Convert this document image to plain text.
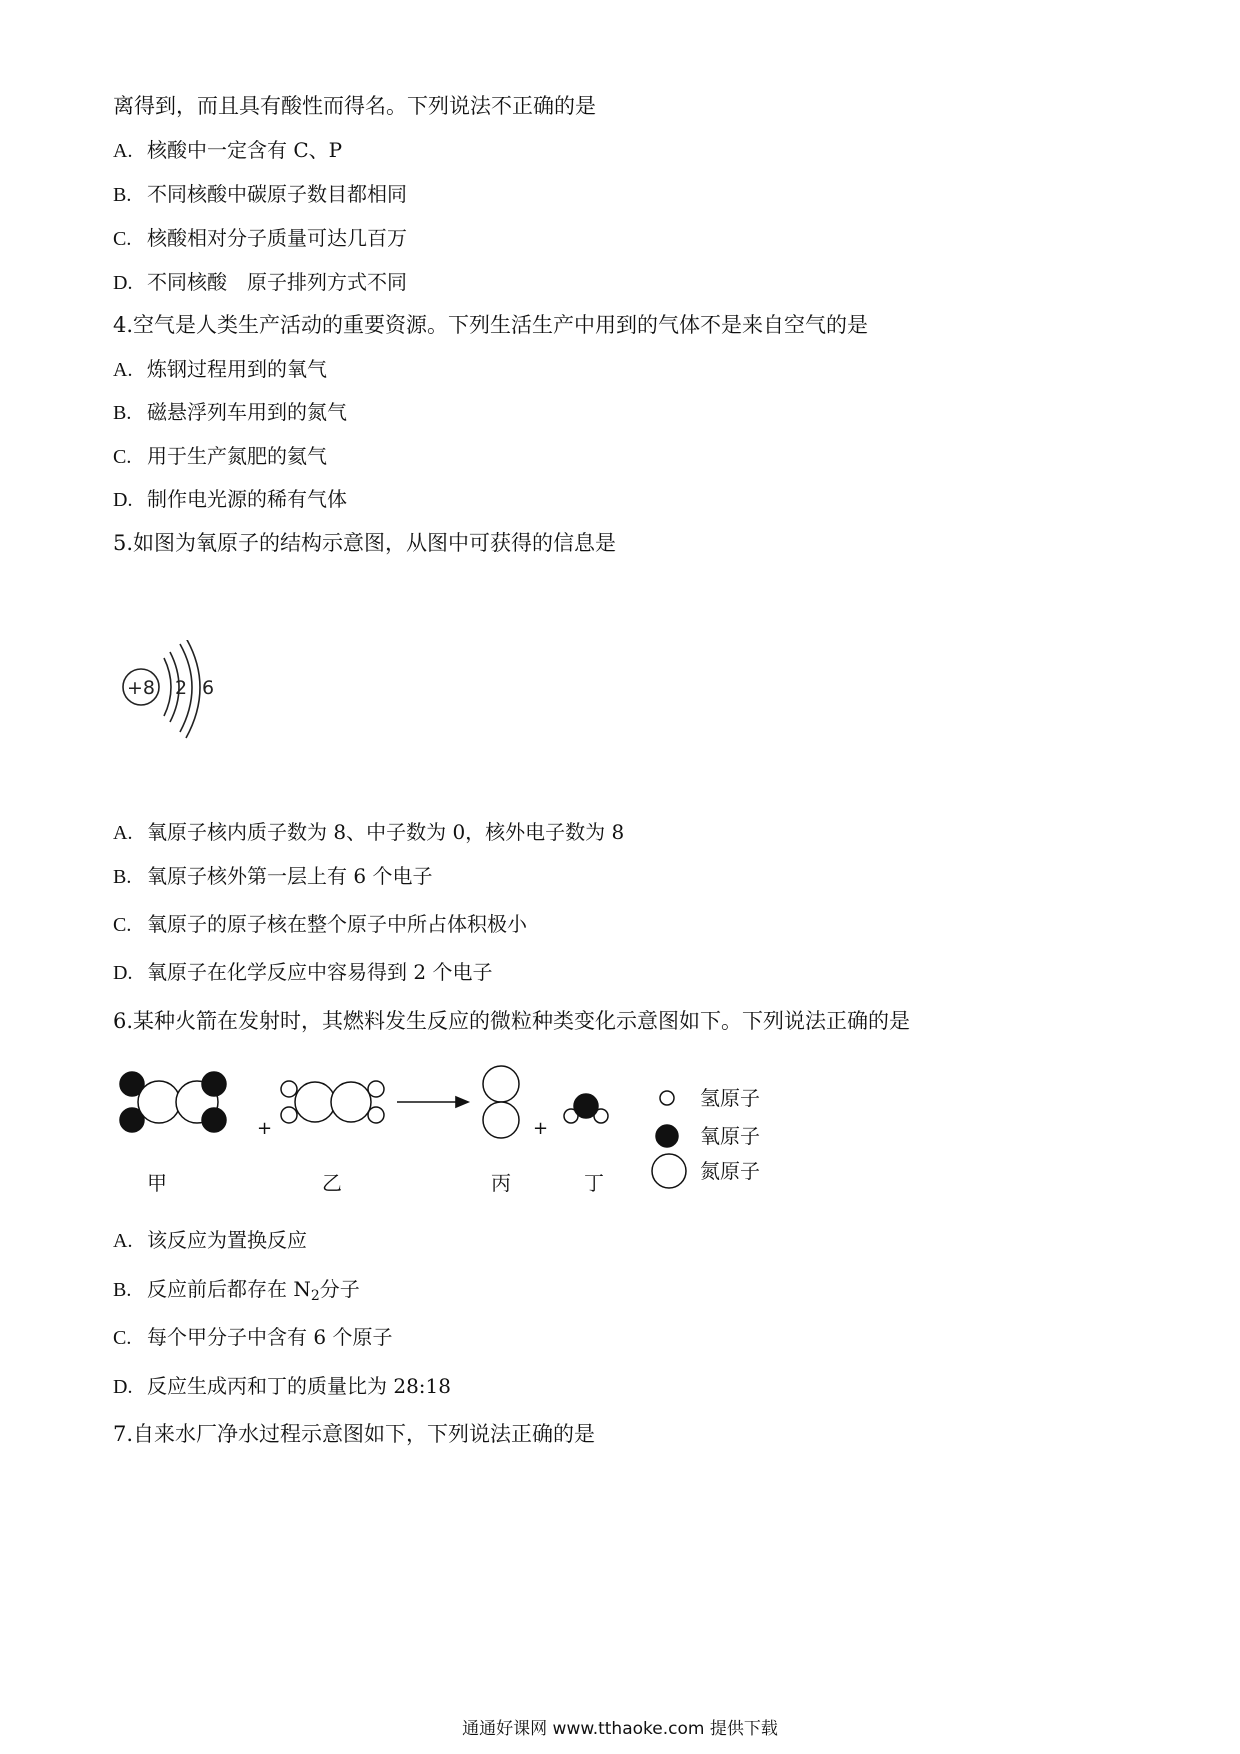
离得到，而且具有酸性而得名。下列说法不正确的是
A. 核酸中一定含有 C、P
B. 不同核酸中碳原子数目都相同
C. 核酸相对分子质量可达几百万
D. 不同核酸　原子排列方式不同
4.空气是人类生产活动的重要资源。下列生活生产中用到的气体不是来自空气的是
A. 炼钢过程用到的氧气
B. 磁悬浮列车用到的氮气
C. 用于生产氮肥的氦气
D. 制作电光源的稀有气体
5.如图为氧原子的结构示意图，从图中可获得的信息是
+8 2 6
A. 氧原子核内质子数为 8、中子数为 0，核外电子数为 8
B. 氧原子核外第一层上有 6 个电子
C. 氧原子的原子核在整个原子中所占体积极小
D. 氧原子在化学反应中容易得到 2 个电子
6.某种火箭在发射时，其燃料发生反应的微粒种类变化示意图如下。下列说法正确的是
+	+
甲	乙	丙	丁
氢原子
氧原子
氮原子
A. 该反应为置换反应
B. 反应前后都存在 $N_2$分子
C. 每个甲分子中含有 6 个原子
D. 反应生成丙和丁的质量比为 28:18
7.自来水厂净水过程示意图如下，下列说法正确的是
通通好课网 www.tthaoke.com 提供下载
